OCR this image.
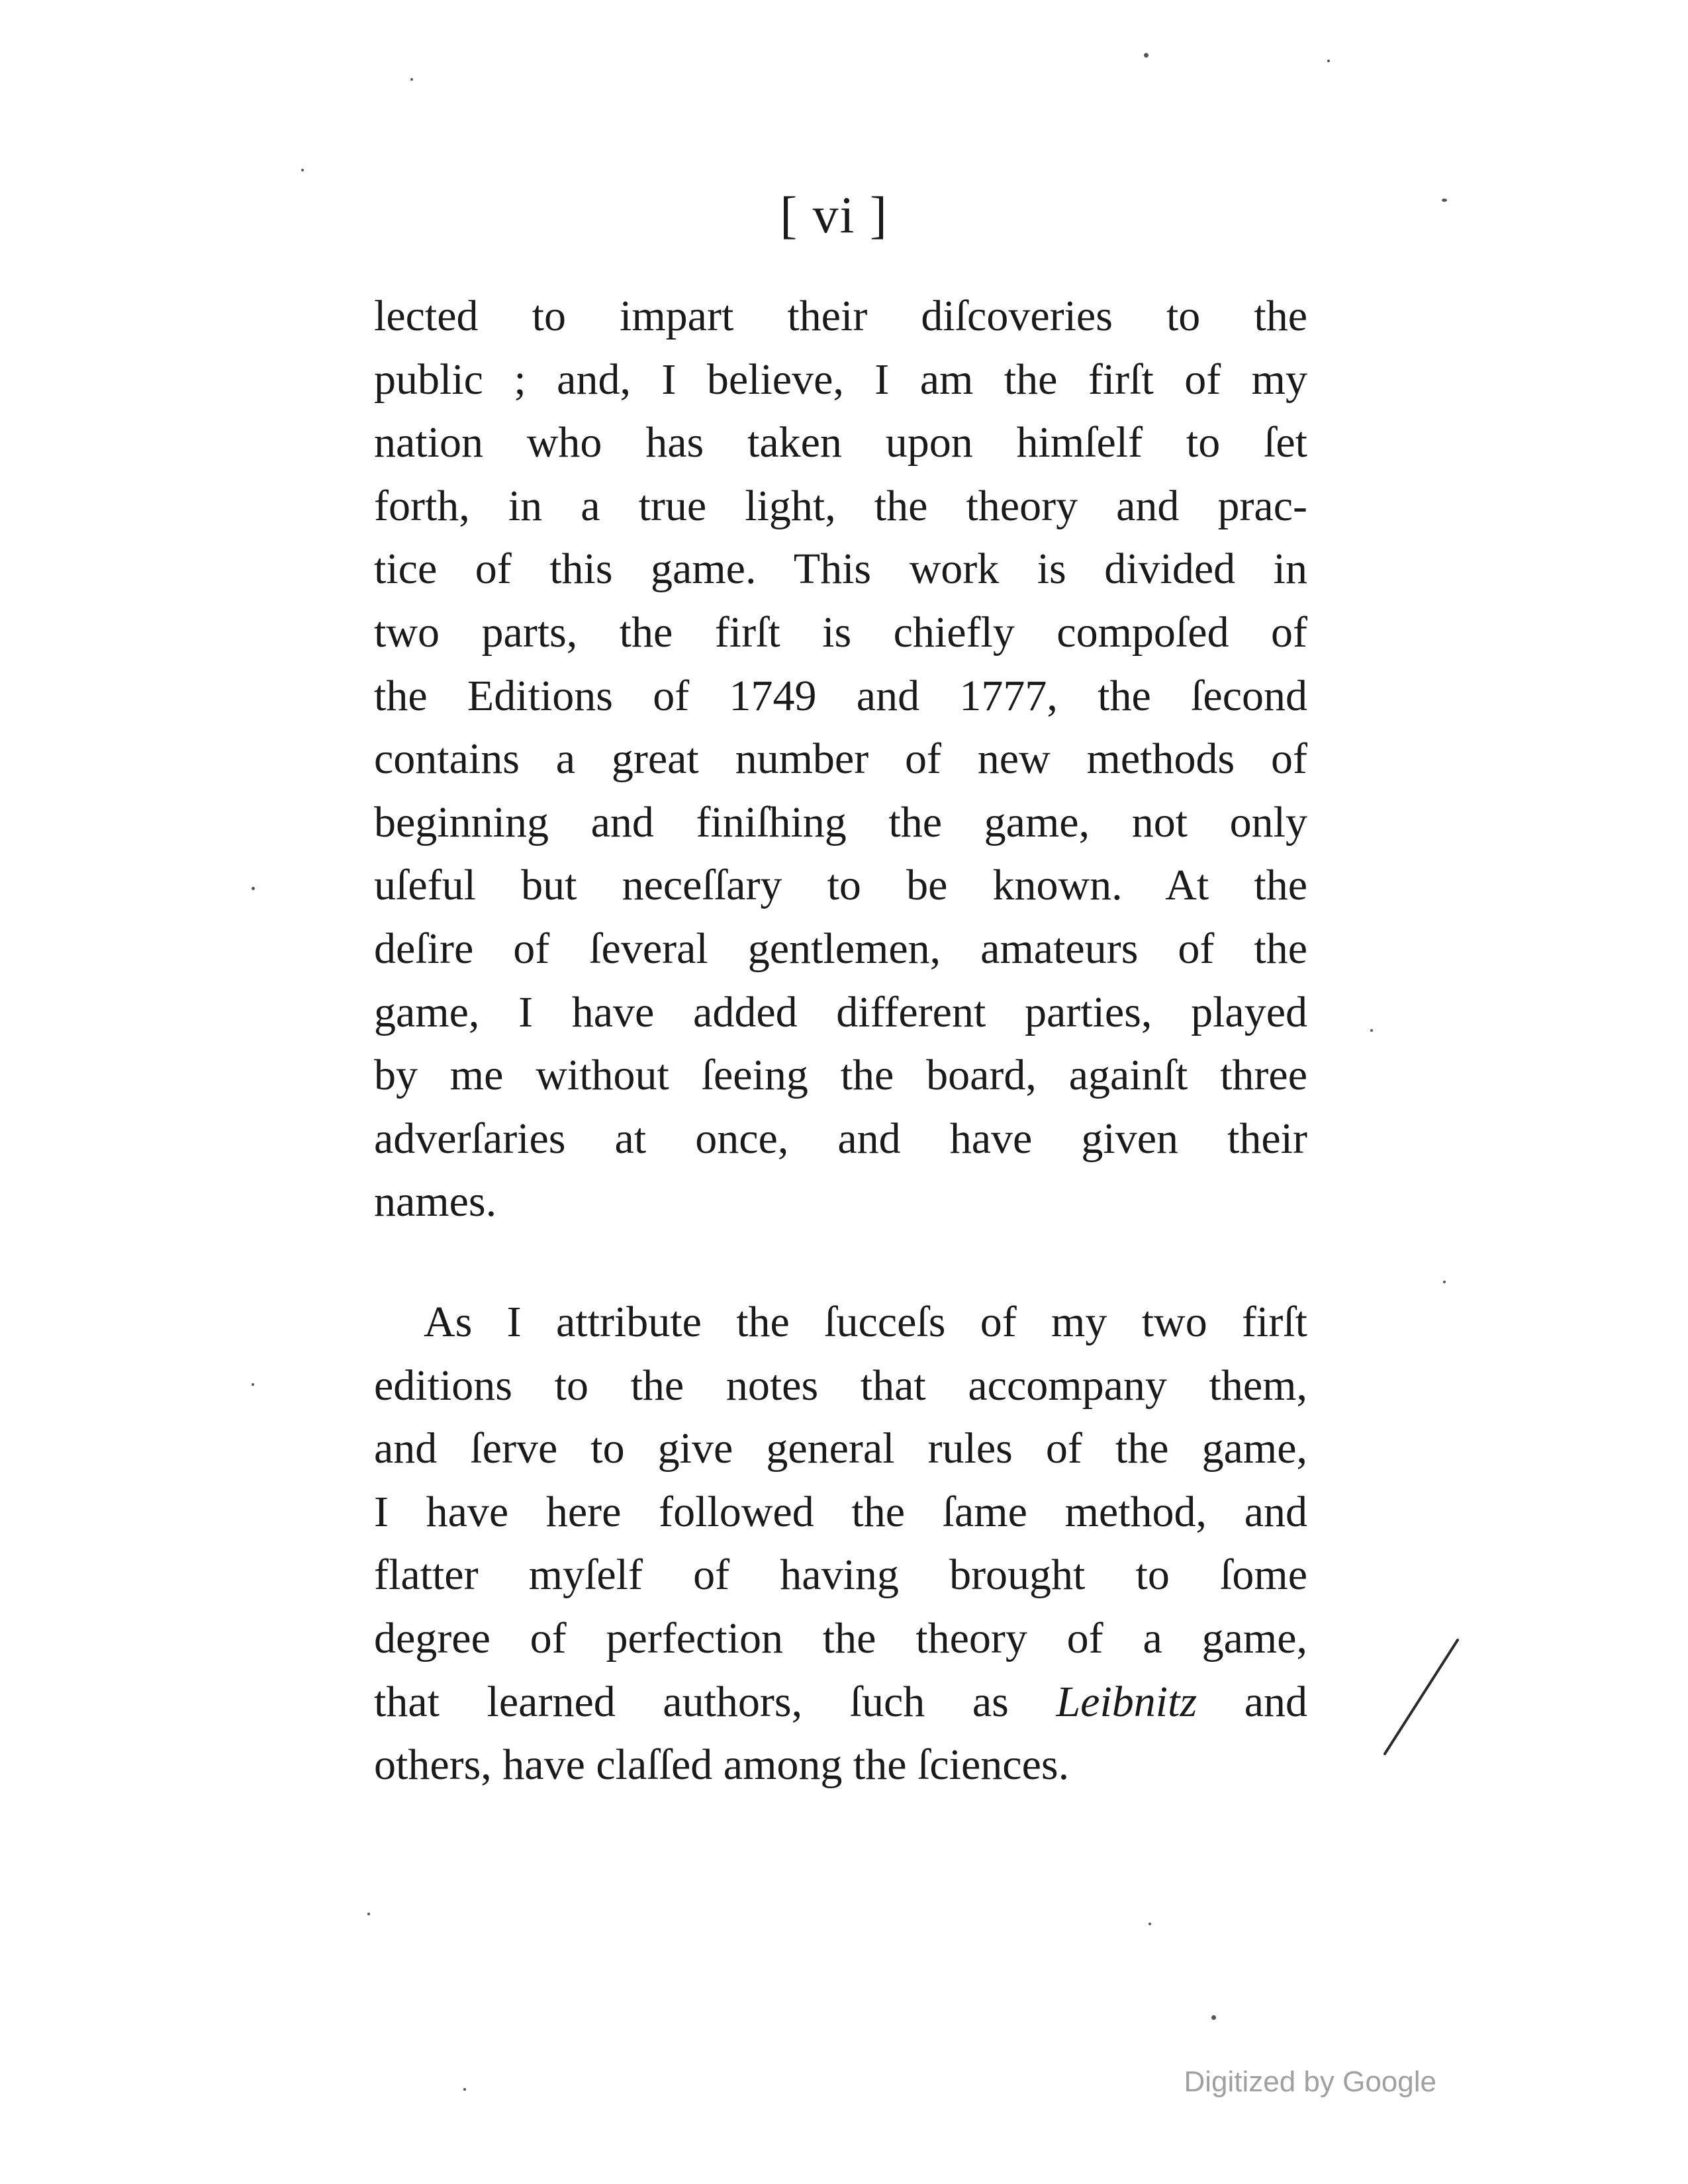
[ vi ]
lected to impart their diſcoveries to the
public ; and, I believe, I am the firſt of my
nation who has taken upon himſelf to ſet
forth, in a true light, the theory and prac-
tice of this game. This work is divided in
two parts, the firſt is chiefly compoſed of
the Editions of 1749 and 1777, the ſecond
contains a great number of new methods of
beginning and finiſhing the game, not only
uſeful but neceſſary to be known. At the
deſire of ſeveral gentlemen, amateurs of the
game, I have added different parties, played
by me without ſeeing the board, againſt three
adverſaries at once, and have given their
names.
As I attribute the ſucceſs of my two firſt
editions to the notes that accompany them,
and ſerve to give general rules of the game,
I have here followed the ſame method, and
flatter myſelf of having brought to ſome
degree of perfection the theory of a game,
that learned authors, ſuch as Leibnitz and
others, have claſſed among the ſciences.
Digitized by Google
